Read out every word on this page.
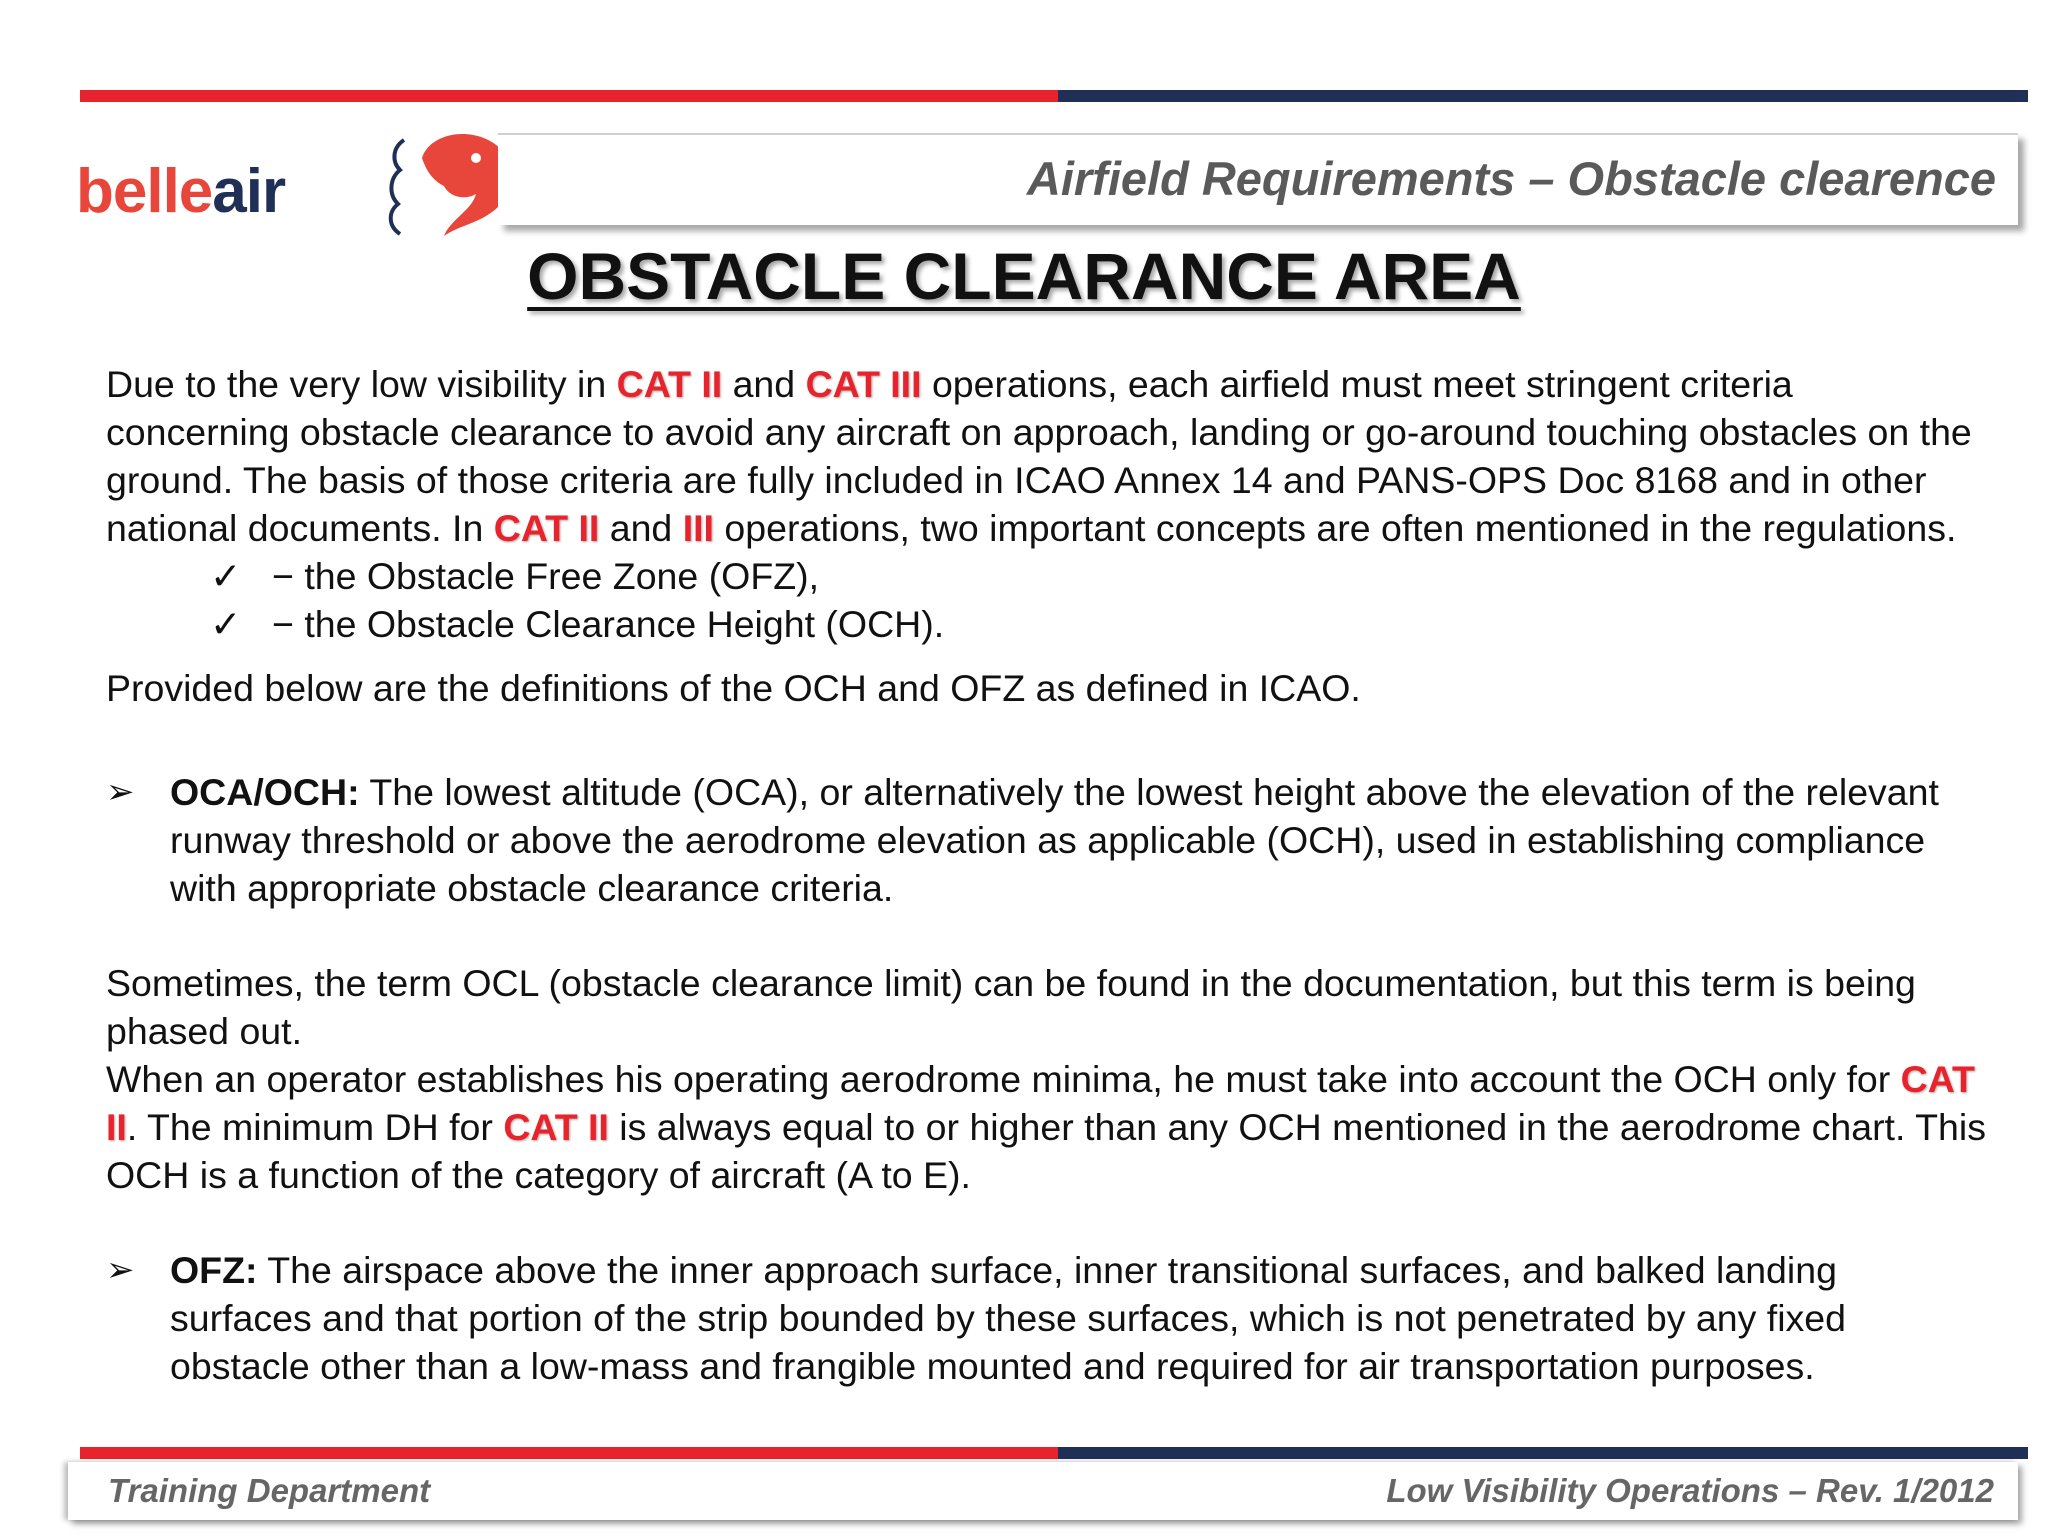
belleair	Airfield Requirements – Obstacle clearence
OBSTACLE CLEARANCE AREA

Due to the very low visibility in CAT II and CAT III operations, each airfield must meet stringent criteria concerning obstacle clearance to avoid any aircraft on approach, landing or go-around touching obstacles on the ground. The basis of those criteria are fully included in ICAO Annex 14 and PANS-OPS Doc 8168 and in other national documents. In CAT II and III operations, two important concepts are often mentioned in the regulations.

✓ − the Obstacle Free Zone (OFZ),
✓ − the Obstacle Clearance Height (OCH).

Provided below are the definitions of the OCH and OFZ as defined in ICAO.

➢ OCA/OCH: The lowest altitude (OCA), or alternatively the lowest height above the elevation of the relevant runway threshold or above the aerodrome elevation as applicable (OCH), used in establishing compliance with appropriate obstacle clearance criteria.

Sometimes, the term OCL (obstacle clearance limit) can be found in the documentation, but this term is being phased out.

When an operator establishes his operating aerodrome minima, he must take into account the OCH only for CAT II. The minimum DH for CAT II is always equal to or higher than any OCH mentioned in the aerodrome chart. This OCH is a function of the category of aircraft (A to E).

➢ OFZ: The airspace above the inner approach surface, inner transitional surfaces, and balked landing surfaces and that portion of the strip bounded by these surfaces, which is not penetrated by any fixed obstacle other than a low-mass and frangible mounted and required for air transportation purposes.
Training Department	Low Visibility Operations – Rev. 1/2012
